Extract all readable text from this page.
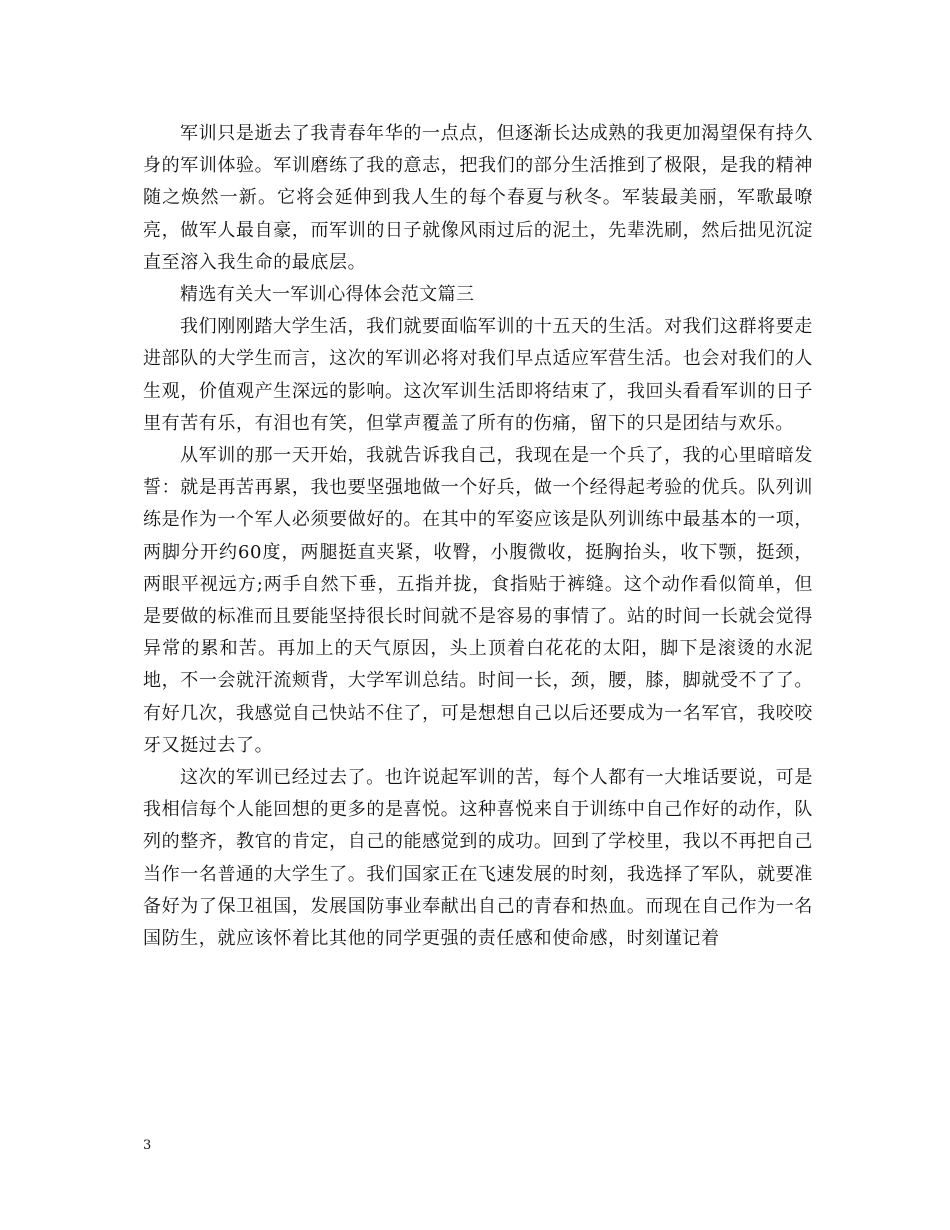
军训只是逝去了我青春年华的一点点，但逐渐长达成熟的我更加渴望保有持久身的军训体验。军训磨练了我的意志，把我们的部分生活推到了极限，是我的精神随之焕然一新。它将会延伸到我人生的每个春夏与秋冬。军装最美丽，军歌最嘹亮，做军人最自豪，而军训的日子就像风雨过后的泥土，先辈洗刷，然后拙见沉淀直至溶入我生命的最底层。

精选有关大一军训心得体会范文篇三

我们刚刚踏大学生活，我们就要面临军训的十五天的生活。对我们这群将要走进部队的大学生而言，这次的军训必将对我们早点适应军营生活。也会对我们的人生观，价值观产生深远的影响。这次军训生活即将结束了，我回头看看军训的日子里有苦有乐，有泪也有笑，但掌声覆盖了所有的伤痛，留下的只是团结与欢乐。

从军训的那一天开始，我就告诉我自己，我现在是一个兵了，我的心里暗暗发誓：就是再苦再累，我也要坚强地做一个好兵，做一个经得起考验的优兵。队列训练是作为一个军人必须要做好的。在其中的军姿应该是队列训练中最基本的一项，两脚分开约60度，两腿挺直夹紧，收臀，小腹微收，挺胸抬头，收下颚，挺颈，两眼平视远方;两手自然下垂，五指并拢，食指贴于裤缝。这个动作看似简单，但是要做的标准而且要能坚持很长时间就不是容易的事情了。站的时间一长就会觉得异常的累和苦。再加上的天气原因，头上顶着白花花的太阳，脚下是滚烫的水泥地，不一会就汗流颊背，大学军训总结。时间一长，颈，腰，膝，脚就受不了了。有好几次，我感觉自己快站不住了，可是想想自己以后还要成为一名军官，我咬咬牙又挺过去了。

这次的军训已经过去了。也许说起军训的苦，每个人都有一大堆话要说，可是我相信每个人能回想的更多的是喜悦。这种喜悦来自于训练中自己作好的动作，队列的整齐，教官的肯定，自己的能感觉到的成功。回到了学校里，我以不再把自己当作一名普通的大学生了。我们国家正在飞速发展的时刻，我选择了军队，就要准备好为了保卫祖国，发展国防事业奉献出自己的青春和热血。而现在自己作为一名国防生，就应该怀着比其他的同学更强的责任感和使命感，时刻谨记着

3
